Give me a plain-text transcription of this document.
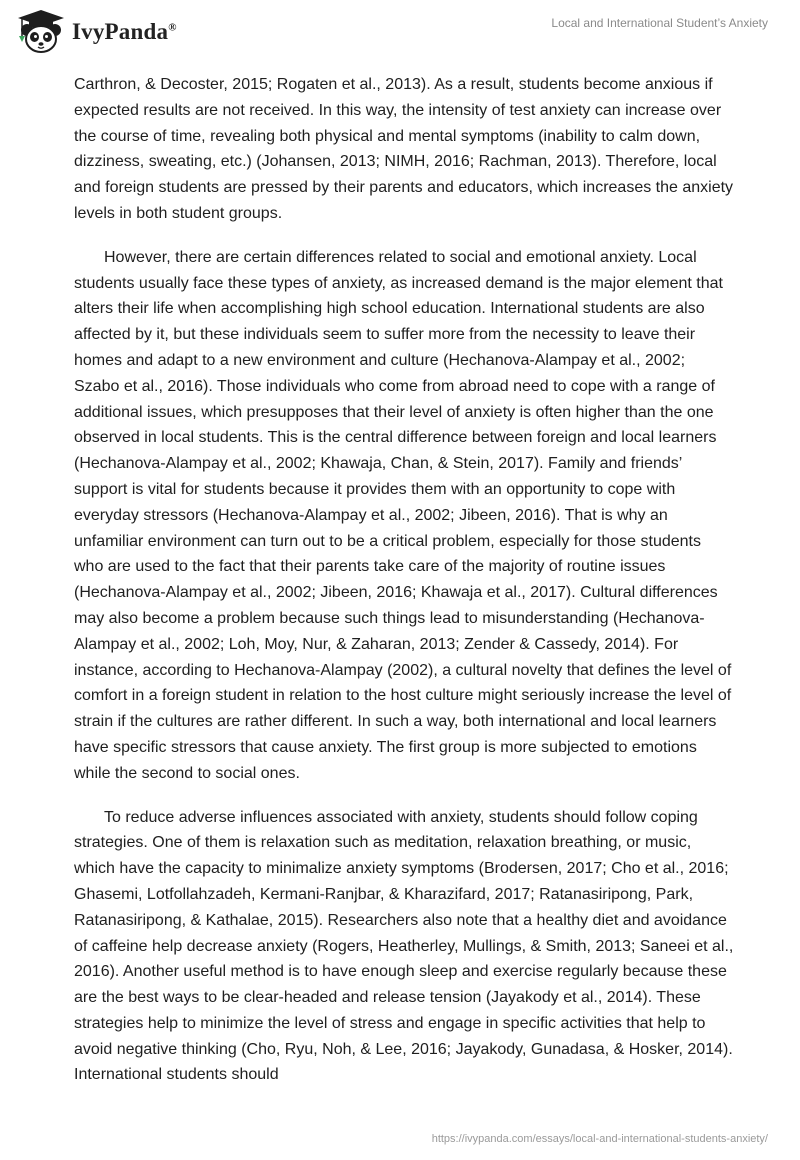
IvyPanda®	Local and International Student’s Anxiety

Carthron, & Decoster, 2015; Rogaten et al., 2013). As a result, students become anxious if expected results are not received. In this way, the intensity of test anxiety can increase over the course of time, revealing both physical and mental symptoms (inability to calm down, dizziness, sweating, etc.) (Johansen, 2013; NIMH, 2016; Rachman, 2013). Therefore, local and foreign students are pressed by their parents and educators, which increases the anxiety levels in both student groups.

However, there are certain differences related to social and emotional anxiety. Local students usually face these types of anxiety, as increased demand is the major element that alters their life when accomplishing high school education. International students are also affected by it, but these individuals seem to suffer more from the necessity to leave their homes and adapt to a new environment and culture (Hechanova-Alampay et al., 2002; Szabo et al., 2016). Those individuals who come from abroad need to cope with a range of additional issues, which presupposes that their level of anxiety is often higher than the one observed in local students. This is the central difference between foreign and local learners (Hechanova-Alampay et al., 2002; Khawaja, Chan, & Stein, 2017). Family and friends’ support is vital for students because it provides them with an opportunity to cope with everyday stressors (Hechanova-Alampay et al., 2002; Jibeen, 2016). That is why an unfamiliar environment can turn out to be a critical problem, especially for those students who are used to the fact that their parents take care of the majority of routine issues (Hechanova-Alampay et al., 2002; Jibeen, 2016; Khawaja et al., 2017). Cultural differences may also become a problem because such things lead to misunderstanding (Hechanova-Alampay et al., 2002; Loh, Moy, Nur, & Zaharan, 2013; Zender & Cassedy, 2014). For instance, according to Hechanova-Alampay (2002), a cultural novelty that defines the level of comfort in a foreign student in relation to the host culture might seriously increase the level of strain if the cultures are rather different. In such a way, both international and local learners have specific stressors that cause anxiety. The first group is more subjected to emotions while the second to social ones.

To reduce adverse influences associated with anxiety, students should follow coping strategies. One of them is relaxation such as meditation, relaxation breathing, or music, which have the capacity to minimalize anxiety symptoms (Brodersen, 2017; Cho et al., 2016; Ghasemi, Lotfollahzadeh, Kermani-Ranjbar, & Kharazifard, 2017; Ratanasiripong, Park, Ratanasiripong, & Kathalae, 2015). Researchers also note that a healthy diet and avoidance of caffeine help decrease anxiety (Rogers, Heatherley, Mullings, & Smith, 2013; Saneei et al., 2016). Another useful method is to have enough sleep and exercise regularly because these are the best ways to be clear-headed and release tension (Jayakody et al., 2014). These strategies help to minimize the level of stress and engage in specific activities that help to avoid negative thinking (Cho, Ryu, Noh, & Lee, 2016; Jayakody, Gunadasa, & Hosker, 2014). International students should

https://ivypanda.com/essays/local-and-international-students-anxiety/
